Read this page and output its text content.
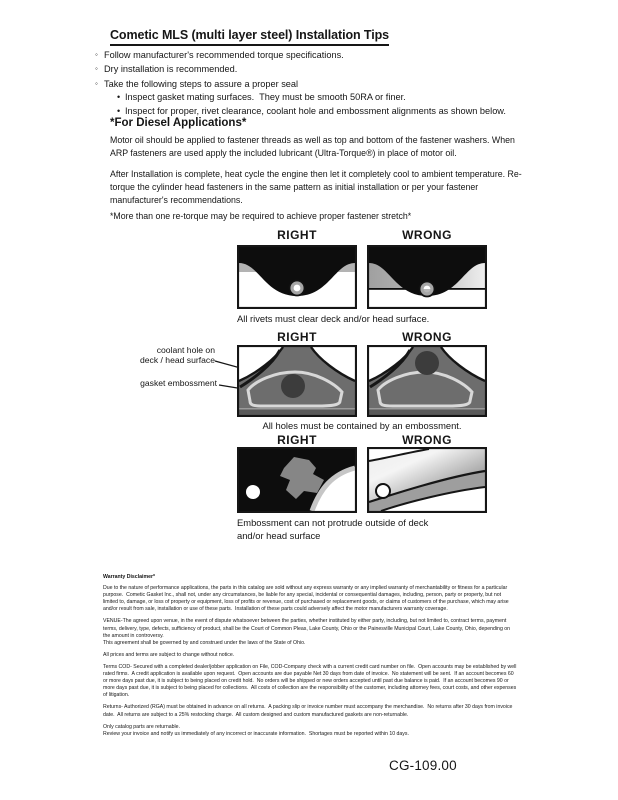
Cometic MLS (multi layer steel) Installation Tips
◦ Follow manufacturer's recommended torque specifications.
◦ Dry installation is recommended.
◦ Take the following steps to assure a proper seal
• Inspect gasket mating surfaces.  They must be smooth 50RA or finer.
• Inspect for proper, rivet clearance, coolant hole and embossment alignments as shown below.
*For Diesel Applications*
Motor oil should be applied to fastener threads as well as top and bottom of the fastener washers. When ARP fasteners are used apply the included lubricant (Ultra-Torque®) in place of motor oil.
After Installation is complete, heat cycle the engine then let it completely cool to ambient temperature. Re-torque the cylinder head fasteners in the same pattern as initial installation or per your fastener manufacturer's recommendations.
*More than one re-torque may be required to achieve proper fastener stretch*
RIGHT	WRONG
All rivets must clear deck and/or head surface.
RIGHT	WRONG
coolant hole on
deck / head surface
gasket embossment
All holes must be contained by an embossment.
RIGHT	WRONG
Embossment can not protrude outside of deck
and/or head surface
Warranty Disclaimer*
Due to the nature of performance applications, the parts in this catalog are sold without any express warranty or any implied warranty of merchantability or fitness for a particular purpose.  Cometic Gasket Inc., shall not, under any circumstances, be liable for any special, incidental or consequential damages, including, person, party or property, but not limited to, damage, or loss of property or equipment, loss of profits or revenue, cost of purchased or replacement goods, or claims of customers of the purchase, which may arise and/or result from sale, installation or use of these parts.  Installation of these parts could adversely affect the motor manufacturers warranty coverage.
VENUE-The agreed upon venue, in the event of dispute whatsoever between the parties, whether instituted by either party, including, but not limited to, contract terms, payment terms, delivery, type, defects, sufficiency of product, shall be the Court of Common Pleas, Lake County, Ohio or the Painesville Municipal Court, Lake County, Ohio, depending on the amount in controversy.
This agreement shall be governed by and construed under the laws of the State of Ohio.
All prices and terms are subject to change without notice.
Terms COD- Secured with a completed dealer/jobber application on File, COD-Company check with a current credit card number on file.  Open accounts may be established by well rated firms.  A credit application is available upon request.  Open accounts are due payable Net 30 days from date of invoice.  No statement will be sent.  If an account becomes 60 or more days past due, it is subject to being placed on credit hold.  No orders will be shipped or new orders accepted until past due balance is paid.  If an account becomes 90 or more days past due, it is subject to being placed for collections.  All costs of collection are the responsibility of the customer, including attorney fees, court costs, and other expenses of litigation.
Returns- Authorized (RGA) must be obtained in advance on all returns.  A packing slip or invoice number must accompany the merchandise.  No returns after 30 days from invoice date.  All returns are subject to a 25% restocking charge.  All custom designed and custom manufactured gaskets are non-returnable.
Only catalog parts are returnable.
Review your invoice and notify us immediately of any incorrect or inaccurate information.  Shortages must be reported within 10 days.
CG-109.00
